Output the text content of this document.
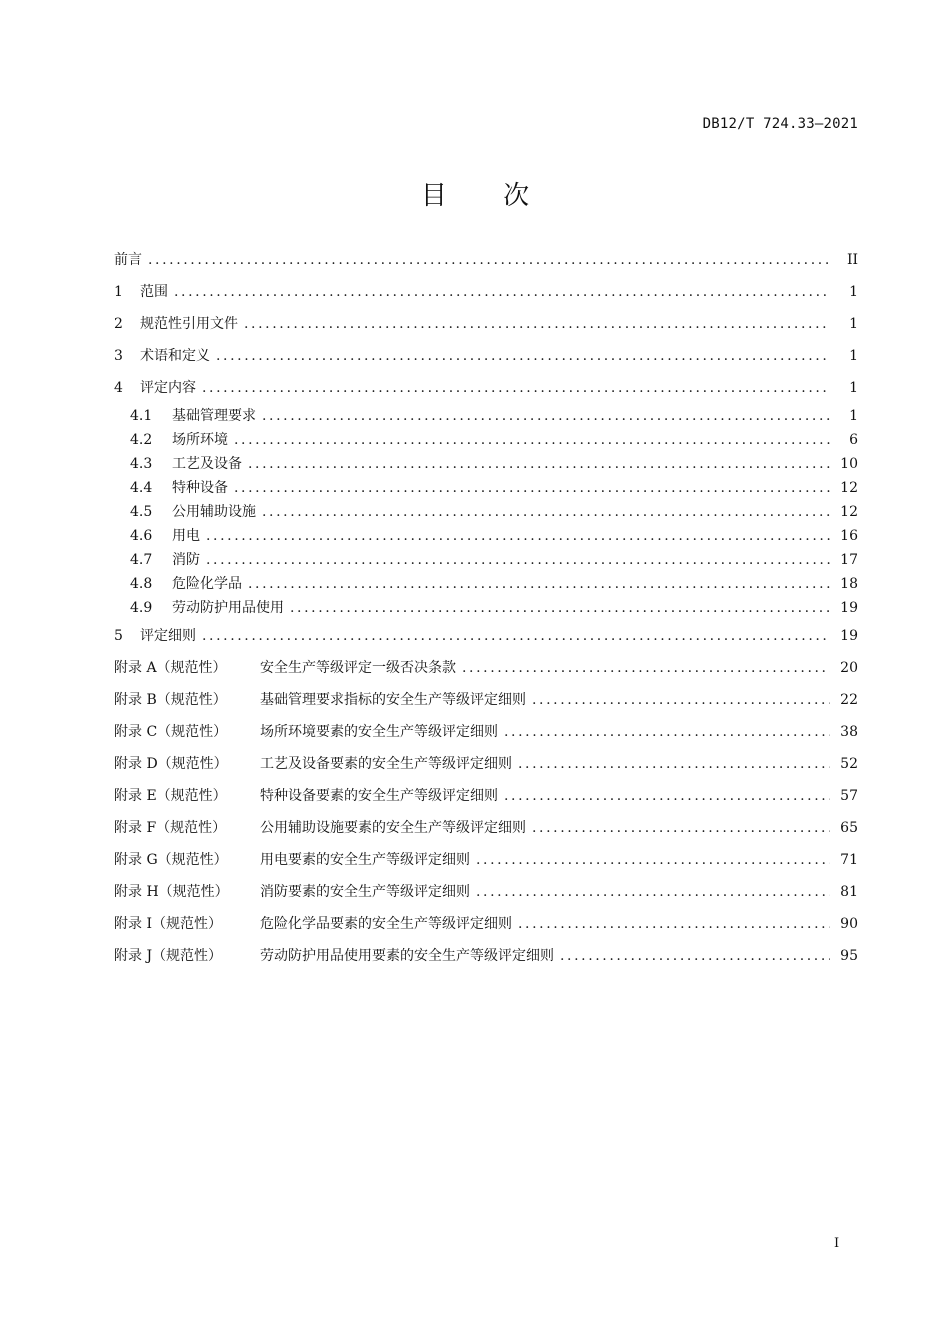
DB12/T 724.33—2021
目 次
前言 .....	II
1	范围 .....	1
2	规范性引用文件 .....	1
3	术语和定义 .....	1
4	评定内容 .....	1
4.1	基础管理要求 .....	1
4.2	场所环境 .....	6
4.3	工艺及设备 .....	10
4.4	特种设备 .....	12
4.5	公用辅助设施 .....	12
4.6	用电 .....	16
4.7	消防 .....	17
4.8	危险化学品 .....	18
4.9	劳动防护用品使用 .....	19
5	评定细则 .....	19
附录 A（规范性）	安全生产等级评定一级否决条款 .....	20
附录 B（规范性）	基础管理要求指标的安全生产等级评定细则 .....	22
附录 C（规范性）	场所环境要素的安全生产等级评定细则 .....	38
附录 D（规范性）	工艺及设备要素的安全生产等级评定细则 .....	52
附录 E（规范性）	特种设备要素的安全生产等级评定细则 .....	57
附录 F（规范性）	公用辅助设施要素的安全生产等级评定细则 .....	65
附录 G（规范性）	用电要素的安全生产等级评定细则 .....	71
附录 H（规范性）	消防要素的安全生产等级评定细则 .....	81
附录 I（规范性）	危险化学品要素的安全生产等级评定细则 .....	90
附录 J（规范性）	劳动防护用品使用要素的安全生产等级评定细则 .....	95
I
